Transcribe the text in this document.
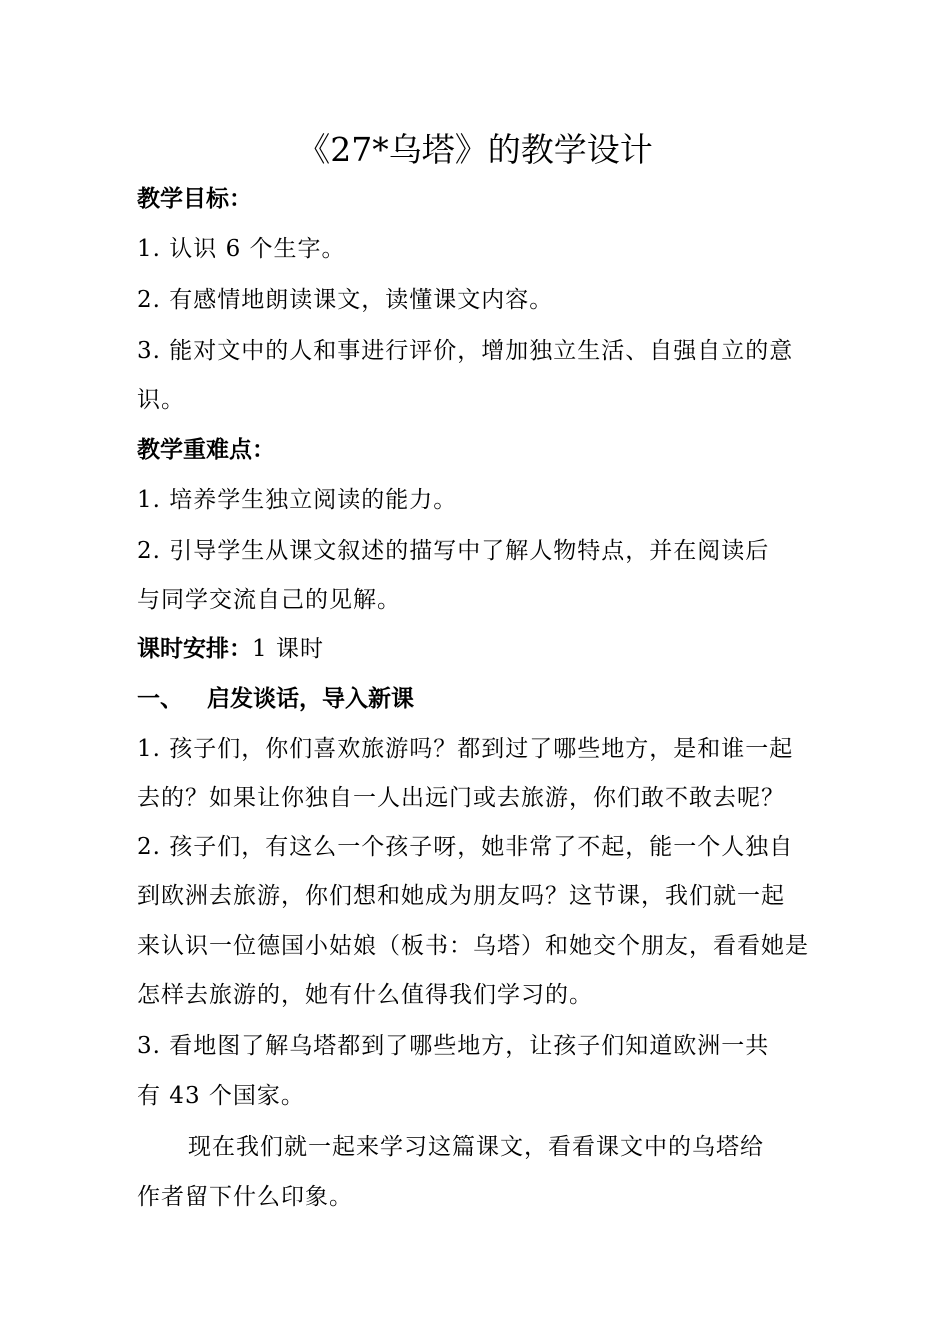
《27*乌塔》的教学设计
教学目标：
1. 认识 6 个生字。
2. 有感情地朗读课文，读懂课文内容。
3. 能对文中的人和事进行评价，增加独立生活、自强自立的意
识。
教学重难点：
1. 培养学生独立阅读的能力。
2. 引导学生从课文叙述的描写中了解人物特点，并在阅读后
与同学交流自己的见解。
课时安排：1 课时
一、   启发谈话，导入新课
1. 孩子们，你们喜欢旅游吗？都到过了哪些地方，是和谁一起
去的？如果让你独自一人出远门或去旅游，你们敢不敢去呢？
2. 孩子们，有这么一个孩子呀，她非常了不起，能一个人独自
到欧洲去旅游，你们想和她成为朋友吗？这节课，我们就一起
来认识一位德国小姑娘（板书：乌塔）和她交个朋友，看看她是
怎样去旅游的，她有什么值得我们学习的。
3. 看地图了解乌塔都到了哪些地方，让孩子们知道欧洲一共
有 43 个国家。
现在我们就一起来学习这篇课文，看看课文中的乌塔给
作者留下什么印象。
